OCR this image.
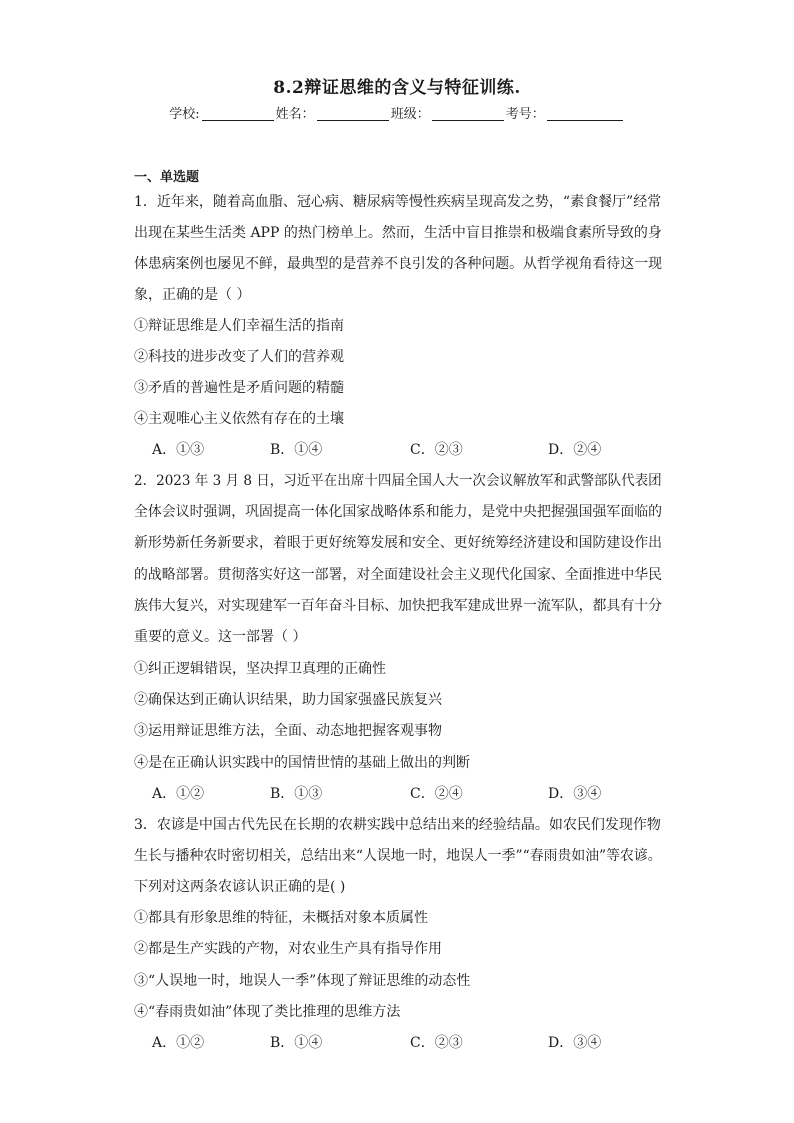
8.2辩证思维的含义与特征训练.
学校:	姓名：	班级：	考号：
一、单选题
1．近年来，随着高血脂、冠心病、糖尿病等慢性疾病呈现高发之势，“素食餐厅”经常
出现在某些生活类 APP 的热门榜单上。然而，生活中盲目推崇和极端食素所导致的身
体患病案例也屡见不鲜，最典型的是营养不良引发的各种问题。从哲学视角看待这一现
象，正确的是（ ）
①辩证思维是人们幸福生活的指南
②科技的进步改变了人们的营养观
③矛盾的普遍性是矛盾问题的精髓
④主观唯心主义依然有存在的土壤
A．①③	B．①④	C．②③	D．②④
2．2023 年 3 月 8 日，习近平在出席十四届全国人大一次会议解放军和武警部队代表团
全体会议时强调，巩固提高一体化国家战略体系和能力，是党中央把握强国强军面临的
新形势新任务新要求，着眼于更好统筹发展和安全、更好统筹经济建设和国防建设作出
的战略部署。贯彻落实好这一部署，对全面建设社会主义现代化国家、全面推进中华民
族伟大复兴，对实现建军一百年奋斗目标、加快把我军建成世界一流军队，都具有十分
重要的意义。这一部署（ ）
①纠正逻辑错误，坚决捍卫真理的正确性
②确保达到正确认识结果，助力国家强盛民族复兴
③运用辩证思维方法，全面、动态地把握客观事物
④是在正确认识实践中的国情世情的基础上做出的判断
A．①②	B．①③	C．②④	D．③④
3．农谚是中国古代先民在长期的农耕实践中总结出来的经验结晶。如农民们发现作物
生长与播种农时密切相关，总结出来“人误地一时，地误人一季”“春雨贵如油”等农谚。
下列对这两条农谚认识正确的是( )
①都具有形象思维的特征，未概括对象本质属性
②都是生产实践的产物，对农业生产具有指导作用
③“人误地一时，地误人一季”体现了辩证思维的动态性
④“春雨贵如油”体现了类比推理的思维方法
A．①②	B．①④	C．②③	D．③④
